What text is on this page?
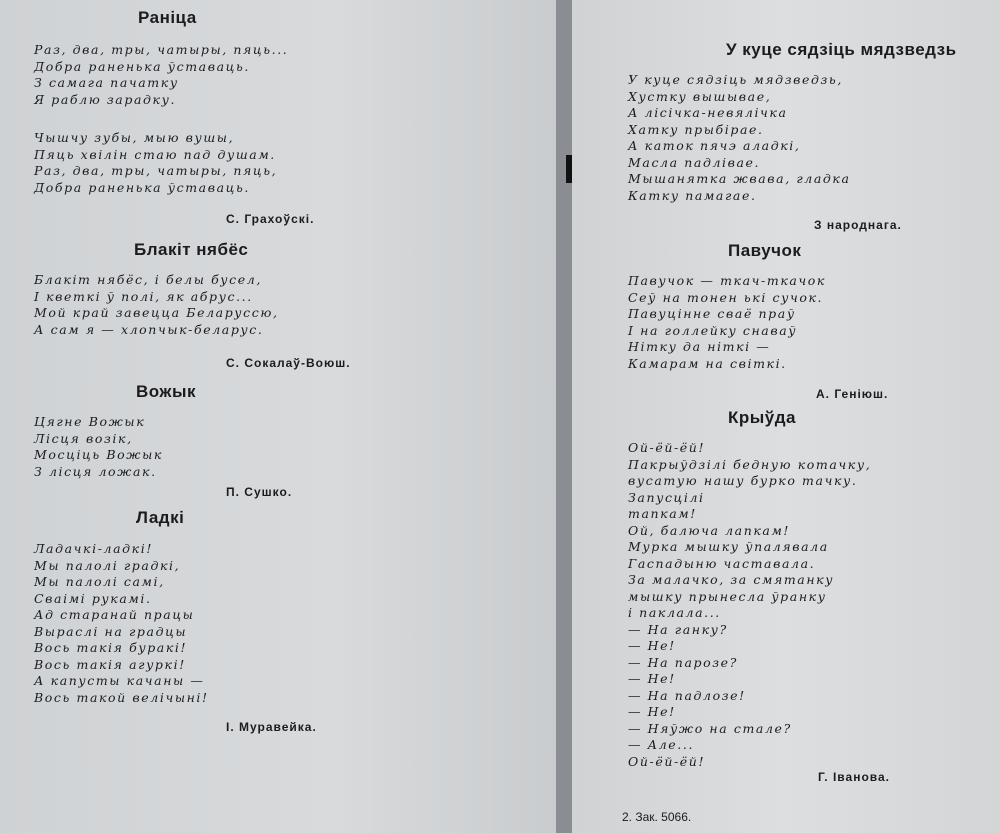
Раніца
Раз, два, тры, чатыры, пяць...
Добра раненька ўставаць.
З самага пачатку
Я раблю зарадку.
Чышчу зубы, мыю вушы,
Пяць хвілін стаю пад душам.
Раз, два, тры, чатыры, пяць,
Добра раненька ўставаць.
С. Грахоўскі.
Блакіт нябёс
Блакіт нябёс, і белы бусел,
І кветкі ў полі, як абрус...
Мой край завецца Беларуссю,
А сам я — хлопчык-беларус.
С. Сокалаў-Воюш.
Вожык
Цягне Вожык
Лісця возік,
Мосціць Вожык
З лісця ложак.
П. Сушко.
Ладкі
Ладачкі-ладкі!
Мы палолі градкі,
Мы палолі самі,
Сваімі рукамі.
Ад старанай працы
Выраслі на градцы
Вось такія буракі!
Вось такія агуркі!
А капусты качаны —
Вось такой велічыні!
І. Муравейка.
У куце сядзіць мядзведзь
У куце сядзіць мядзведзь,
Хустку вышывае,
А лісічка-невялічка
Хатку прыбірае.
А каток пячэ аладкі,
Масла падлівае.
Мышанятка жвава, гладка
Катку памагае.
З народнага.
Павучок
Павучок — ткач-ткачок
Сеў на тонен ькі сучок.
Павуцінне сваё праў
І на голлейку снаваў
Нітку да ніткі —
Камарам на світкі.
А. Геніюш.
Крыўда
Ой-ёй-ёй!
Пакрыўдзілі бедную котачку,
вусатую нашу бурко тачку.
Запусцілі
тапкам!
Ой, балюча лапкам!
Мурка мышку ўпалявала
Гаспадыню частавала.
За малачко, за смятанку
мышку прынесла ўранку
і паклала...
— На ганку?
— Не!
— На парозе?
— Не!
— На падлозе!
— Не!
— Няўжо на стале?
— Але...
Ой-ёй-ёй!
Г. Іванова.
2. Зак. 5066.
